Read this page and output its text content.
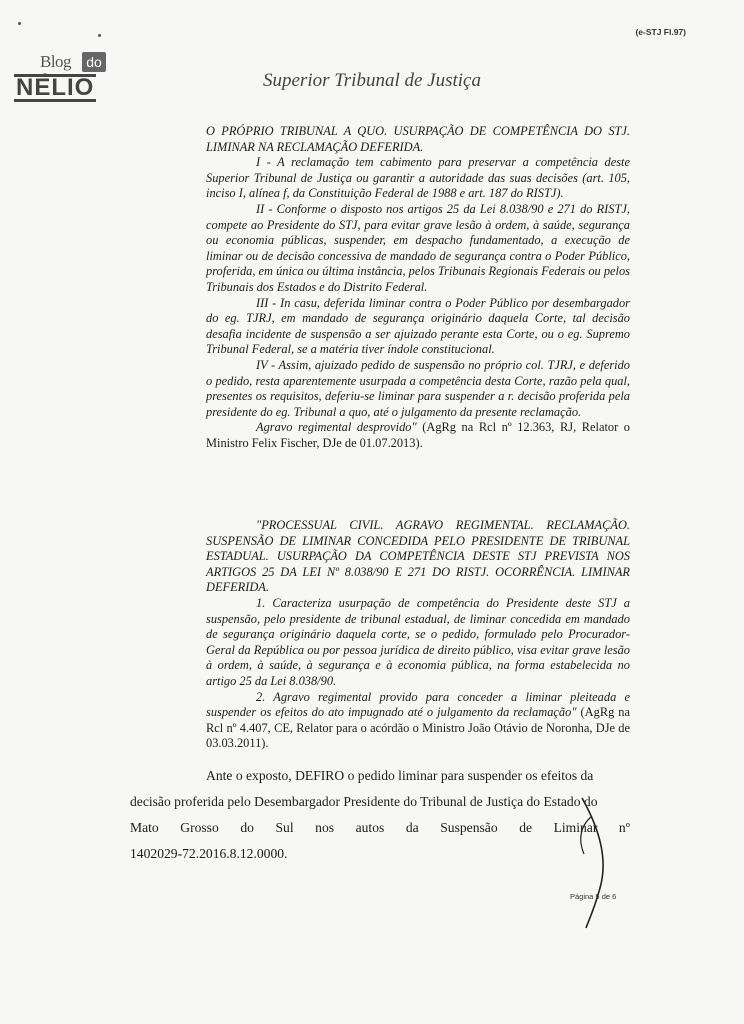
(e-STJ Fl.97)
Blog	do
NÉLIO	Superior Tribunal de Justiça

O PRÓPRIO TRIBUNAL A QUO. USURPAÇÃO DE COMPETÊNCIA DO STJ. LIMINAR NA RECLAMAÇÃO DEFERIDA.

I - A reclamação tem cabimento para preservar a competência deste Superior Tribunal de Justiça ou garantir a autoridade das suas decisões (art. 105, inciso I, alínea f, da Constituição Federal de 1988 e art. 187 do RISTJ).

II - Conforme o disposto nos artigos 25 da Lei 8.038/90 e 271 do RISTJ, compete ao Presidente do STJ, para evitar grave lesão à ordem, à saúde, segurança ou economia públicas, suspender, em despacho fundamentado, a execução de liminar ou de decisão concessiva de mandado de segurança contra o Poder Público, proferida, em única ou última instância, pelos Tribunais Regionais Federais ou pelos Tribunais dos Estados e do Distrito Federal.

III - In casu, deferida liminar contra o Poder Público por desembargador do eg. TJRJ, em mandado de segurança originário daquela Corte, tal decisão desafia incidente de suspensão a ser ajuizado perante esta Corte, ou o eg. Supremo Tribunal Federal, se a matéria tiver índole constitucional.

IV - Assim, ajuizado pedido de suspensão no próprio col. TJRJ, e deferido o pedido, resta aparentemente usurpada a competência desta Corte, razão pela qual, presentes os requisitos, deferiu-se liminar para suspender a r. decisão proferida pela presidente do eg. Tribunal a quo, até o julgamento da presente reclamação.

Agravo regimental desprovido" (AgRg na Rcl nº 12.363, RJ, Relator o Ministro Felix Fischer, DJe de 01.07.2013).

"PROCESSUAL CIVIL. AGRAVO REGIMENTAL. RECLAMAÇÃO. SUSPENSÃO DE LIMINAR CONCEDIDA PELO PRESIDENTE DE TRIBUNAL ESTADUAL. USURPAÇÃO DA COMPETÊNCIA DESTE STJ PREVISTA NOS ARTIGOS 25 DA LEI Nº 8.038/90 E 271 DO RISTJ. OCORRÊNCIA. LIMINAR DEFERIDA.

1. Caracteriza usurpação de competência do Presidente deste STJ a suspensão, pelo presidente de tribunal estadual, de liminar concedida em mandado de segurança originário daquela corte, se o pedido, formulado pelo Procurador-Geral da República ou por pessoa jurídica de direito público, visa evitar grave lesão à ordem, à saúde, à segurança e à economia pública, na forma estabelecida no artigo 25 da Lei 8.038/90.

2. Agravo regimental provido para conceder a liminar pleiteada e suspender os efeitos do ato impugnado até o julgamento da reclamação" (AgRg na Rcl nº 4.407, CE, Relator para o acórdão o Ministro João Otávio de Noronha, DJe de 03.03.2011).

Ante o exposto, DEFIRO o pedido liminar para suspender os efeitos da

decisão proferida pelo Desembargador Presidente do Tribunal de Justiça do Estado do

Mato Grosso do Sul nos autos da Suspensão de Liminar nº

1402029-72.2016.8.12.0000.

Página 5 de 6
